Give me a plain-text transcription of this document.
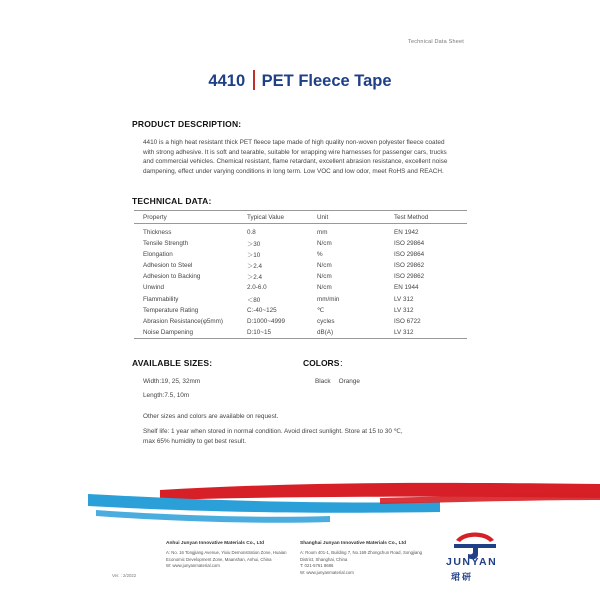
Technical Data Sheet
4410 PET Fleece Tape
PRODUCT DESCRIPTION:
4410 is a high heat resistant thick PET fleece tape made of high quality non-woven polyester fleece coated
with strong adhesive. It is soft and tearable, suitable for wrapping wire harnesses for passenger cars, trucks
and commercial vehicles. Chemical resistant, flame retardant, excellent abrasion resistance, excellent noise
dampening, effect under varying conditions in long term. Low VOC and low odor, meet RoHS and REACH.
TECHNICAL DATA:
Property	Typical Value	Unit	Test Method
Thickness	0.8	mm	EN 1942
Tensile Strength	＞30	N/cm	ISO 29864
Elongation	＞10	%	ISO 29864
Adhesion to Steel	＞2.4	N/cm	ISO 29862
Adhesion to Backing	＞2.4	N/cm	ISO 29862
Unwind	2.0-6.0	N/cm	EN 1944
Flammability	＜80	mm/min	LV 312
Temperature Rating	C:-40~125	℃	LV 312
Abrasion Resistance(φ5mm)	D:1000~4999	cycles	ISO 6722
Noise Dampening	D:10~15	dB(A)	LV 312
AVAILABLE SIZES:
Width:19, 25, 32mm
Length:7.5, 10m
COLORS：
Black Orange
Other sizes and colors are available on request.
Shelf life: 1 year when stored in normal condition. Avoid direct sunlight. Store at 15 to 30 ℃,
max 65% humidity to get best result.
Anhui Junyan Innovative Materials Co., Ltd
A: No. 16 Tongjiang Avenue, Yixiu Demonstration Zone, Huaian
Economic Development Zone, Maanshan, Anhui, China
W: www.junyanmaterial.com
Shanghai Junyan Innovative Materials Co., Ltd
A: Room 401-1, Building 7, No.169 Zhongchun Road, Songjiang
District, Shanghai, China
T: 021-5761 8686
W: www.junyanmaterial.com
Ver. : 2/2022
JUNYAN
珺研
